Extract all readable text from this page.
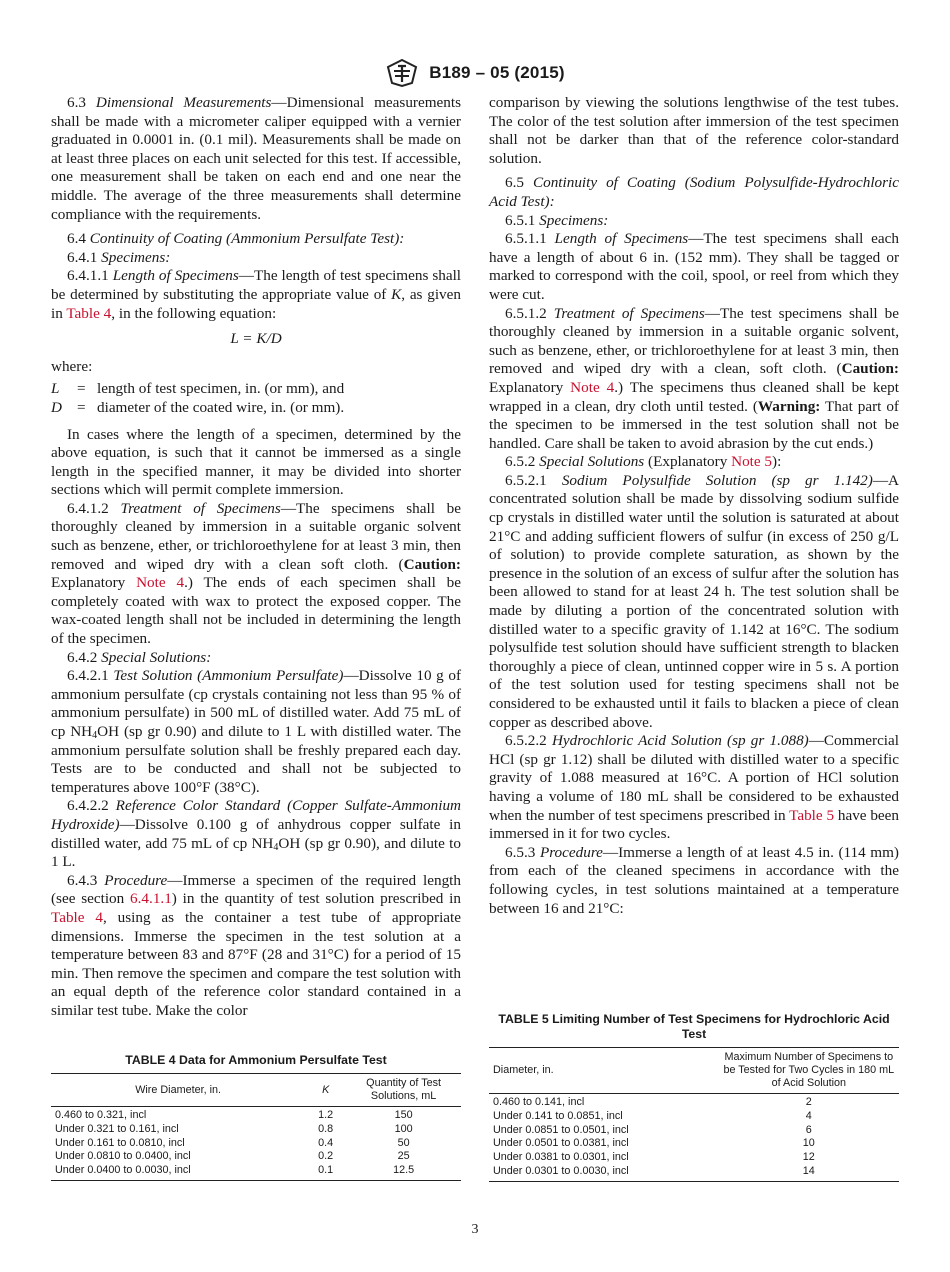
B189 – 05 (2015)

6.3 Dimensional Measurements—Dimensional measurements shall be made with a micrometer caliper equipped with a vernier graduated in 0.0001 in. (0.1 mil). Measurements shall be made on at least three places on each unit selected for this test. If accessible, one measurement shall be taken on each end and one near the middle. The average of the three measurements shall determine compliance with the requirements.

6.4 Continuity of Coating (Ammonium Persulfate Test):

6.4.1 Specimens:

6.4.1.1 Length of Specimens—The length of test specimens shall be determined by substituting the appropriate value of K, as given in Table 4, in the following equation:

L = K/D

where:

L = length of test specimen, in. (or mm), and
D = diameter of the coated wire, in. (or mm).

In cases where the length of a specimen, determined by the above equation, is such that it cannot be immersed as a single length in the specified manner, it may be divided into shorter sections which will permit complete immersion.

6.4.1.2 Treatment of Specimens—The specimens shall be thoroughly cleaned by immersion in a suitable organic solvent such as benzene, ether, or trichloroethylene for at least 3 min, then removed and wiped dry with a clean soft cloth. (Caution: Explanatory Note 4.) The ends of each specimen shall be completely coated with wax to protect the exposed copper. The wax-coated length shall not be included in determining the length of the specimen.

6.4.2 Special Solutions:

6.4.2.1 Test Solution (Ammonium Persulfate)—Dissolve 10 g of ammonium persulfate (cp crystals containing not less than 95 % of ammonium persulfate) in 500 mL of distilled water. Add 75 mL of cp $NH_4OH$ (sp gr 0.90) and dilute to 1 L with distilled water. The ammonium persulfate solution shall be freshly prepared each day. Tests are to be conducted and shall not be subjected to temperatures above 100°F (38°C).

6.4.2.2 Reference Color Standard (Copper Sulfate-Ammonium Hydroxide)—Dissolve 0.100 g of anhydrous copper sulfate in distilled water, add 75 mL of cp $NH_4OH$ (sp gr 0.90), and dilute to 1 L.

6.4.3 Procedure—Immerse a specimen of the required length (see section 6.4.1.1) in the quantity of test solution prescribed in Table 4, using as the container a test tube of appropriate dimensions. Immerse the specimen in the test solution at a temperature between 83 and 87°F (28 and 31°C) for a period of 15 min. Then remove the specimen and compare the test solution with an equal depth of the reference color standard contained in a similar test tube. Make the color

comparison by viewing the solutions lengthwise of the test tubes. The color of the test solution after immersion of the test specimen shall not be darker than that of the reference color-standard solution.

6.5 Continuity of Coating (Sodium Polysulfide-Hydrochloric Acid Test):

6.5.1 Specimens:

6.5.1.1 Length of Specimens—The test specimens shall each have a length of about 6 in. (152 mm). They shall be tagged or marked to correspond with the coil, spool, or reel from which they were cut.

6.5.1.2 Treatment of Specimens—The test specimens shall be thoroughly cleaned by immersion in a suitable organic solvent, such as benzene, ether, or trichloroethylene for at least 3 min, then removed and wiped dry with a clean, soft cloth. (Caution: Explanatory Note 4.) The specimens thus cleaned shall be kept wrapped in a clean, dry cloth until tested. (Warning: That part of the specimen to be immersed in the test solution shall not be handled. Care shall be taken to avoid abrasion by the cut ends.)

6.5.2 Special Solutions (Explanatory Note 5):

6.5.2.1 Sodium Polysulfide Solution (sp gr 1.142)—A concentrated solution shall be made by dissolving sodium sulfide cp crystals in distilled water until the solution is saturated at about 21°C and adding sufficient flowers of sulfur (in excess of 250 g/L of solution) to provide complete saturation, as shown by the presence in the solution of an excess of sulfur after the solution has been allowed to stand for at least 24 h. The test solution shall be made by diluting a portion of the concentrated solution with distilled water to a specific gravity of 1.142 at 16°C. The sodium polysulfide test solution should have sufficient strength to blacken thoroughly a piece of clean, untinned copper wire in 5 s. A portion of the test solution used for testing specimens shall not be considered to be exhausted until it fails to blacken a piece of clean copper as described above.

6.5.2.2 Hydrochloric Acid Solution (sp gr 1.088)—Commercial HCl (sp gr 1.12) shall be diluted with distilled water to a specific gravity of 1.088 measured at 16°C. A portion of HCl solution having a volume of 180 mL shall be considered to be exhausted when the number of test specimens prescribed in Table 5 have been immersed in it for two cycles.

6.5.3 Procedure—Immerse a length of at least 4.5 in. (114 mm) from each of the cleaned specimens in accordance with the following cycles, in test solutions maintained at a temperature between 16 and 21°C:

TABLE 4 Data for Ammonium Persulfate Test
Wire Diameter, in.	K	Quantity of Test Solutions, mL
0.460 to 0.321, incl	1.2	150
Under 0.321 to 0.161, incl	0.8	100
Under 0.161 to 0.0810, incl	0.4	50
Under 0.0810 to 0.0400, incl	0.2	25
Under 0.0400 to 0.0030, incl	0.1	12.5
TABLE 5 Limiting Number of Test Specimens for Hydrochloric Acid Test
Diameter, in.	Maximum Number of Specimens to be Tested for Two Cycles in 180 mL of Acid Solution
0.460 to 0.141, incl	2
Under 0.141 to 0.0851, incl	4
Under 0.0851 to 0.0501, incl	6
Under 0.0501 to 0.0381, incl	10
Under 0.0381 to 0.0301, incl	12
Under 0.0301 to 0.0030, incl	14
3
